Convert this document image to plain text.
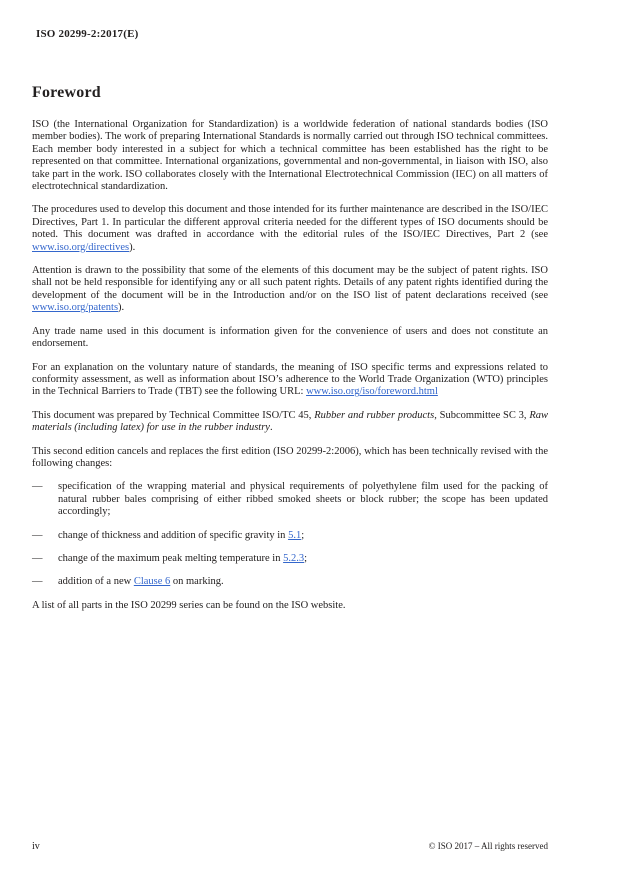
ISO 20299-2:2017(E)
Foreword

ISO (the International Organization for Standardization) is a worldwide federation of national standards bodies (ISO member bodies). The work of preparing International Standards is normally carried out through ISO technical committees. Each member body interested in a subject for which a technical committee has been established has the right to be represented on that committee. International organizations, governmental and non-governmental, in liaison with ISO, also take part in the work. ISO collaborates closely with the International Electrotechnical Commission (IEC) on all matters of electrotechnical standardization.

The procedures used to develop this document and those intended for its further maintenance are described in the ISO/IEC Directives, Part 1. In particular the different approval criteria needed for the different types of ISO documents should be noted. This document was drafted in accordance with the editorial rules of the ISO/IEC Directives, Part 2 (see www.iso.org/directives).

Attention is drawn to the possibility that some of the elements of this document may be the subject of patent rights. ISO shall not be held responsible for identifying any or all such patent rights. Details of any patent rights identified during the development of the document will be in the Introduction and/or on the ISO list of patent declarations received (see www.iso.org/patents).

Any trade name used in this document is information given for the convenience of users and does not constitute an endorsement.

For an explanation on the voluntary nature of standards, the meaning of ISO specific terms and expressions related to conformity assessment, as well as information about ISO’s adherence to the World Trade Organization (WTO) principles in the Technical Barriers to Trade (TBT) see the following URL: www.iso.org/iso/foreword.html

This document was prepared by Technical Committee ISO/TC 45, Rubber and rubber products, Subcommittee SC 3, Raw materials (including latex) for use in the rubber industry.

This second edition cancels and replaces the first edition (ISO 20299-2:2006), which has been technically revised with the following changes:

—	specification of the wrapping material and physical requirements of polyethylene film used for the packing of natural rubber bales comprising of either ribbed smoked sheets or block rubber; the scope has been updated accordingly;

—	change of thickness and addition of specific gravity in 5.1;

—	change of the maximum peak melting temperature in 5.2.3;

—	addition of a new Clause 6 on marking.

A list of all parts in the ISO 20299 series can be found on the ISO website.

iv	© ISO 2017 – All rights reserved
